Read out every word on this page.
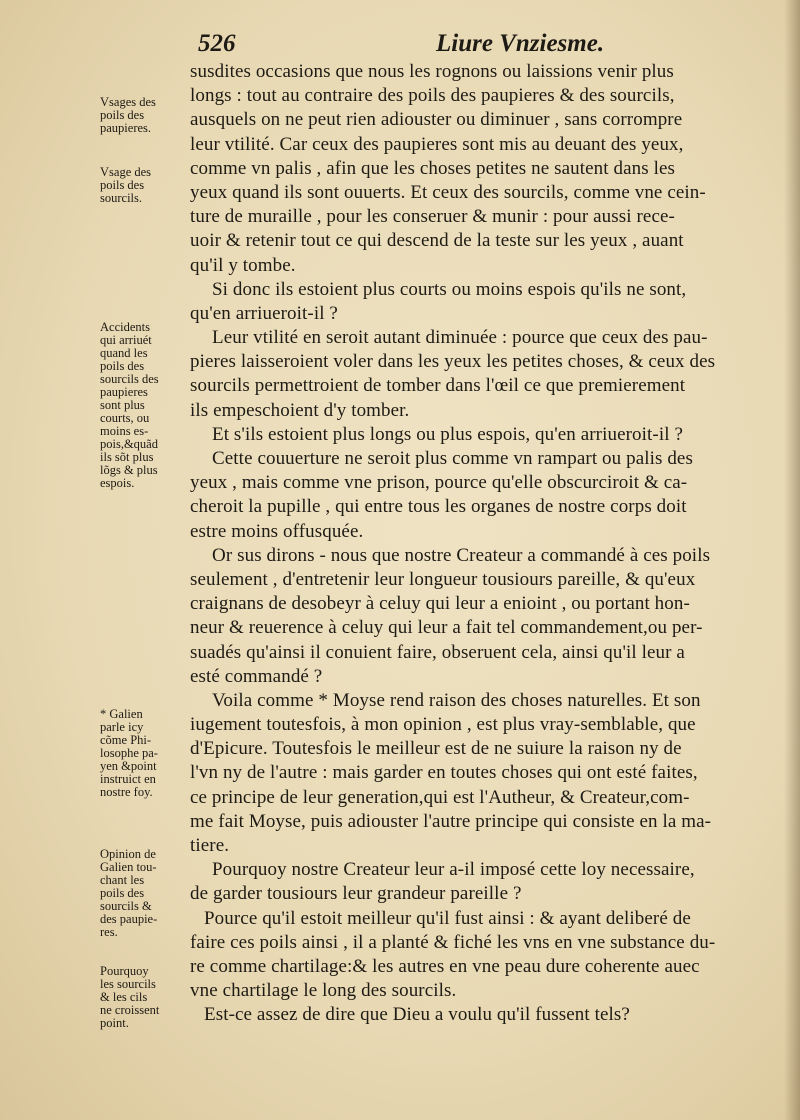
526	Liure Vnziesme.
susdites occasions que nous les rognons ou laissions venir plus
longs : tout au contraire des poils des paupieres & des sourcils,
ausquels on ne peut rien adiouster ou diminuer , sans corrompre
leur vtilité. Car ceux des paupieres sont mis au deuant des yeux,
comme vn palis , afin que les choses petites ne sautent dans les
yeux quand ils sont ouuerts. Et ceux des sourcils, comme vne cein-
ture de muraille , pour les conseruer & munir : pour aussi rece-
uoir & retenir tout ce qui descend de la teste sur les yeux , auant
qu'il y tombe.
Si donc ils estoient plus courts ou moins espois qu'ils ne sont,
qu'en arriueroit-il ?
Leur vtilité en seroit autant diminuée : pource que ceux des pau-
pieres laisseroient voler dans les yeux les petites choses, & ceux des
sourcils permettroient de tomber dans l'œil ce que premierement
ils empeschoient d'y tomber.
Et s'ils estoient plus longs ou plus espois, qu'en arriueroit-il ?
Cette couuerture ne seroit plus comme vn rampart ou palis des
yeux , mais comme vne prison, pource qu'elle obscurciroit & ca-
cheroit la pupille , qui entre tous les organes de nostre corps doit
estre moins offusquée.
Or sus dirons - nous que nostre Createur a commandé à ces poils
seulement , d'entretenir leur longueur tousiours pareille, & qu'eux
craignans de desobeyr à celuy qui leur a enioint , ou portant hon-
neur & reuerence à celuy qui leur a fait tel commandement,ou per-
suadés qu'ainsi il conuient faire, obseruent cela, ainsi qu'il leur a
esté commandé ?
Voila comme * Moyse rend raison des choses naturelles. Et son
iugement toutesfois, à mon opinion , est plus vray-semblable, que
d'Epicure. Toutesfois le meilleur est de ne suiure la raison ny de
l'vn ny de l'autre : mais garder en toutes choses qui ont esté faites,
ce principe de leur generation,qui est l'Autheur, & Createur,com-
me fait Moyse, puis adiouster l'autre principe qui consiste en la ma-
tiere.
Pourquoy nostre Createur leur a-il imposé cette loy necessaire,
de garder tousiours leur grandeur pareille ?
Pource qu'il estoit meilleur qu'il fust ainsi : & ayant deliberé de
faire ces poils ainsi , il a planté & fiché les vns en vne substance du-
re comme chartilage:& les autres en vne peau dure coherente auec
vne chartilage le long des sourcils.
Est-ce assez de dire que Dieu a voulu qu'il fussent tels?
Vsages des
poils des
paupieres.
Vsage des
poils des
sourcils.
Accidents
qui arriuét
quand les
poils des
sourcils des
paupieres
sont plus
courts, ou
moins es-
pois,&quãd
ils sõt plus
lõgs & plus
espois.
* Galien
parle icy
cõme Phi-
losophe pa-
yen &point
instruict en
nostre foy.
Opinion de
Galien tou-
chant les
poils des
sourcils &
des paupie-
res.
Pourquoy
les sourcils
& les cils
ne croissent
point.
